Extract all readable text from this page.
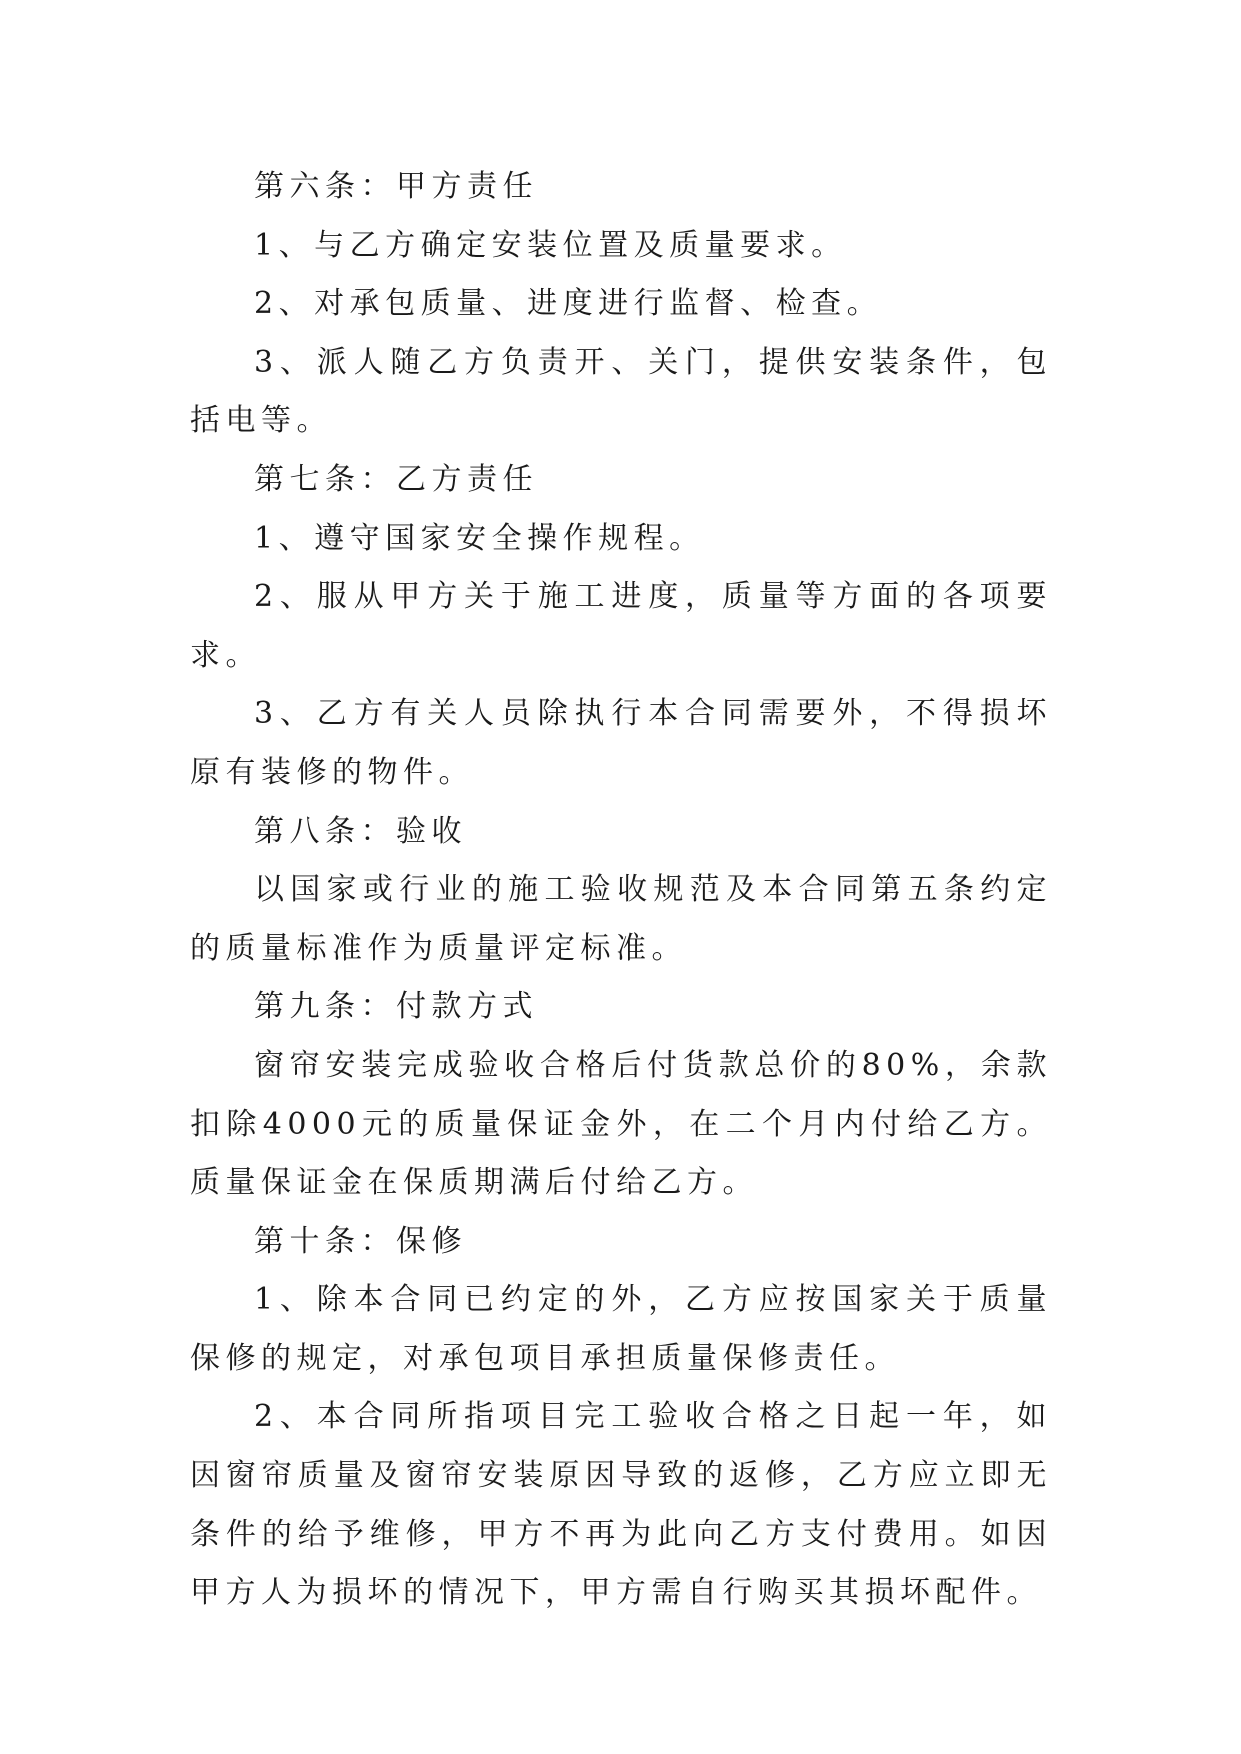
第六条：甲方责任

1、与乙方确定安装位置及质量要求。

2、对承包质量、进度进行监督、检查。

3、派人随乙方负责开、关门，提供安装条件，包括电等。

第七条：乙方责任

1、遵守国家安全操作规程。

2、服从甲方关于施工进度，质量等方面的各项要求。

3、乙方有关人员除执行本合同需要外，不得损坏原有装修的物件。

第八条：验收

以国家或行业的施工验收规范及本合同第五条约定的质量标准作为质量评定标准。

第九条：付款方式

窗帘安装完成验收合格后付货款总价的80%，余款扣除4000元的质量保证金外，在二个月内付给乙方。质量保证金在保质期满后付给乙方。

第十条：保修

1、除本合同已约定的外，乙方应按国家关于质量保修的规定，对承包项目承担质量保修责任。

2、本合同所指项目完工验收合格之日起一年，如因窗帘质量及窗帘安装原因导致的返修，乙方应立即无条件的给予维修，甲方不再为此向乙方支付费用。如因甲方人为损坏的情况下，甲方需自行购买其损坏配件。
